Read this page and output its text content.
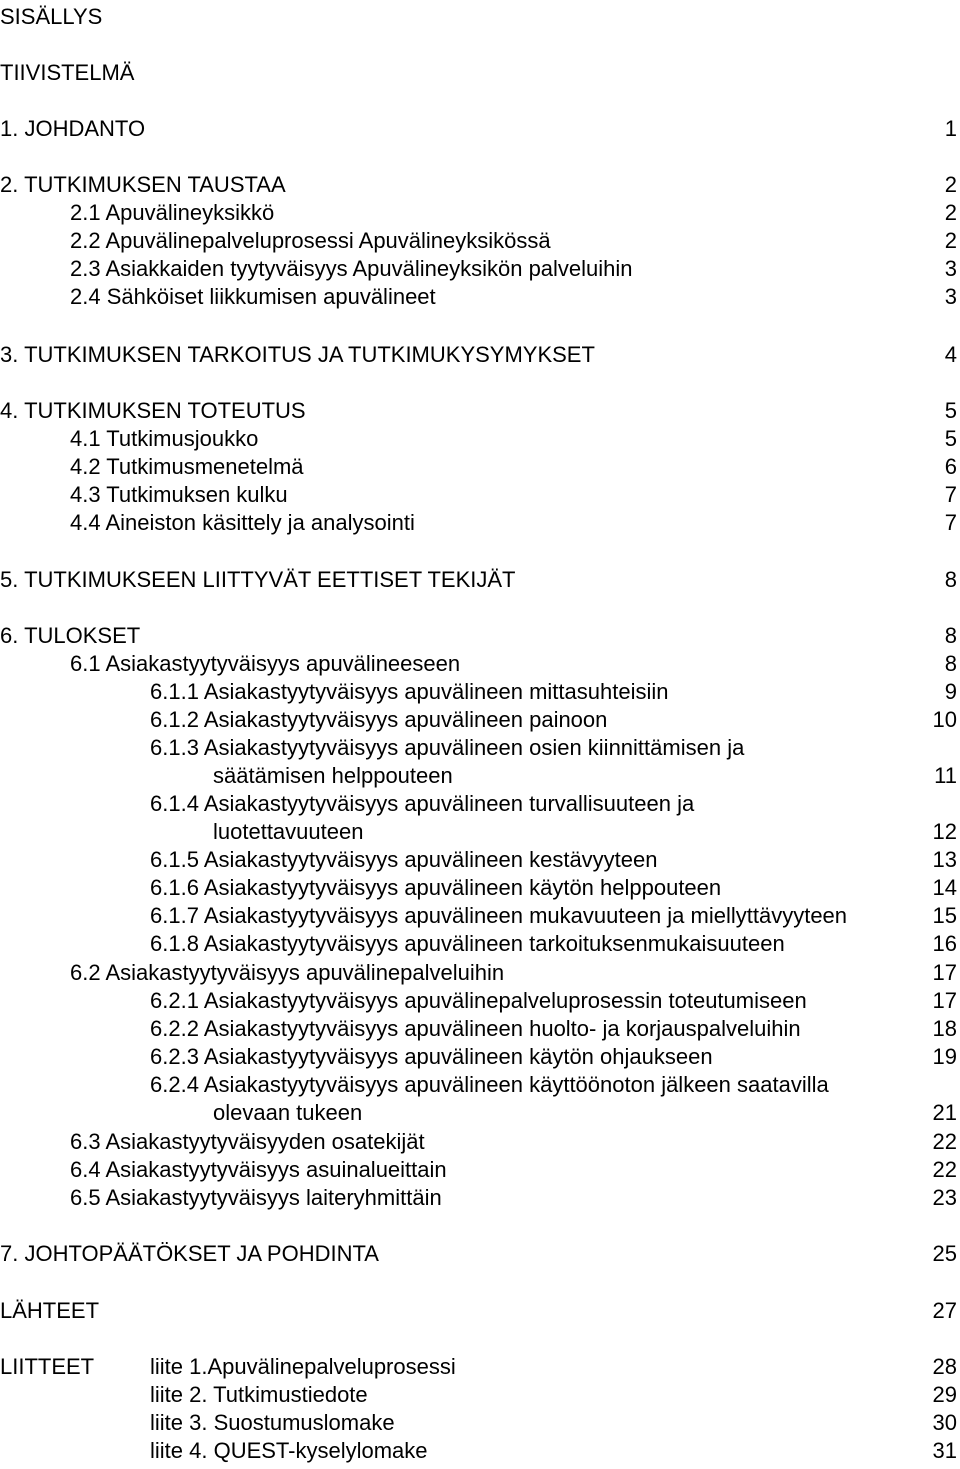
SISÄLLYS
TIIVISTELMÄ
1. JOHDANTO	1
2. TUTKIMUKSEN TAUSTAA	2
2.1 Apuvälineyksikkö	2
2.2 Apuvälinepalveluprosessi Apuvälineyksikössä	2
2.3 Asiakkaiden tyytyväisyys Apuvälineyksikön palveluihin	3
2.4 Sähköiset liikkumisen apuvälineet	3
3. TUTKIMUKSEN TARKOITUS JA TUTKIMUKYSYMYKSET	4
4. TUTKIMUKSEN TOTEUTUS	5
4.1 Tutkimusjoukko	5
4.2 Tutkimusmenetelmä	6
4.3 Tutkimuksen kulku	7
4.4 Aineiston käsittely ja analysointi	7
5. TUTKIMUKSEEN LIITTYVÄT EETTISET TEKIJÄT	8
6. TULOKSET	8
6.1 Asiakastyytyväisyys apuvälineeseen	8
6.1.1 Asiakastyytyväisyys apuvälineen mittasuhteisiin	9
6.1.2 Asiakastyytyväisyys apuvälineen painoon	10
6.1.3 Asiakastyytyväisyys apuvälineen osien kiinnittämisen ja
säätämisen helppouteen	11
6.1.4 Asiakastyytyväisyys apuvälineen turvallisuuteen ja
luotettavuuteen	12
6.1.5 Asiakastyytyväisyys apuvälineen kestävyyteen	13
6.1.6 Asiakastyytyväisyys apuvälineen käytön helppouteen	14
6.1.7 Asiakastyytyväisyys apuvälineen mukavuuteen ja miellyttävyyteen	15
6.1.8 Asiakastyytyväisyys apuvälineen tarkoituksenmukaisuuteen	16
6.2 Asiakastyytyväisyys apuvälinepalveluihin	17
6.2.1 Asiakastyytyväisyys apuvälinepalveluprosessin toteutumiseen	17
6.2.2 Asiakastyytyväisyys apuvälineen huolto- ja korjauspalveluihin	18
6.2.3 Asiakastyytyväisyys apuvälineen käytön ohjaukseen	19
6.2.4 Asiakastyytyväisyys apuvälineen käyttöönoton jälkeen saatavilla
olevaan tukeen	21
6.3 Asiakastyytyväisyyden osatekijät	22
6.4 Asiakastyytyväisyys asuinalueittain	22
6.5 Asiakastyytyväisyys laiteryhmittäin	23
7. JOHTOPÄÄTÖKSET JA POHDINTA	25
LÄHTEET	27
LIITTEET	liite 1.Apuvälinepalveluprosessi	28
liite 2. Tutkimustiedote	29
liite 3. Suostumuslomake	30
liite 4. QUEST-kyselylomake	31
